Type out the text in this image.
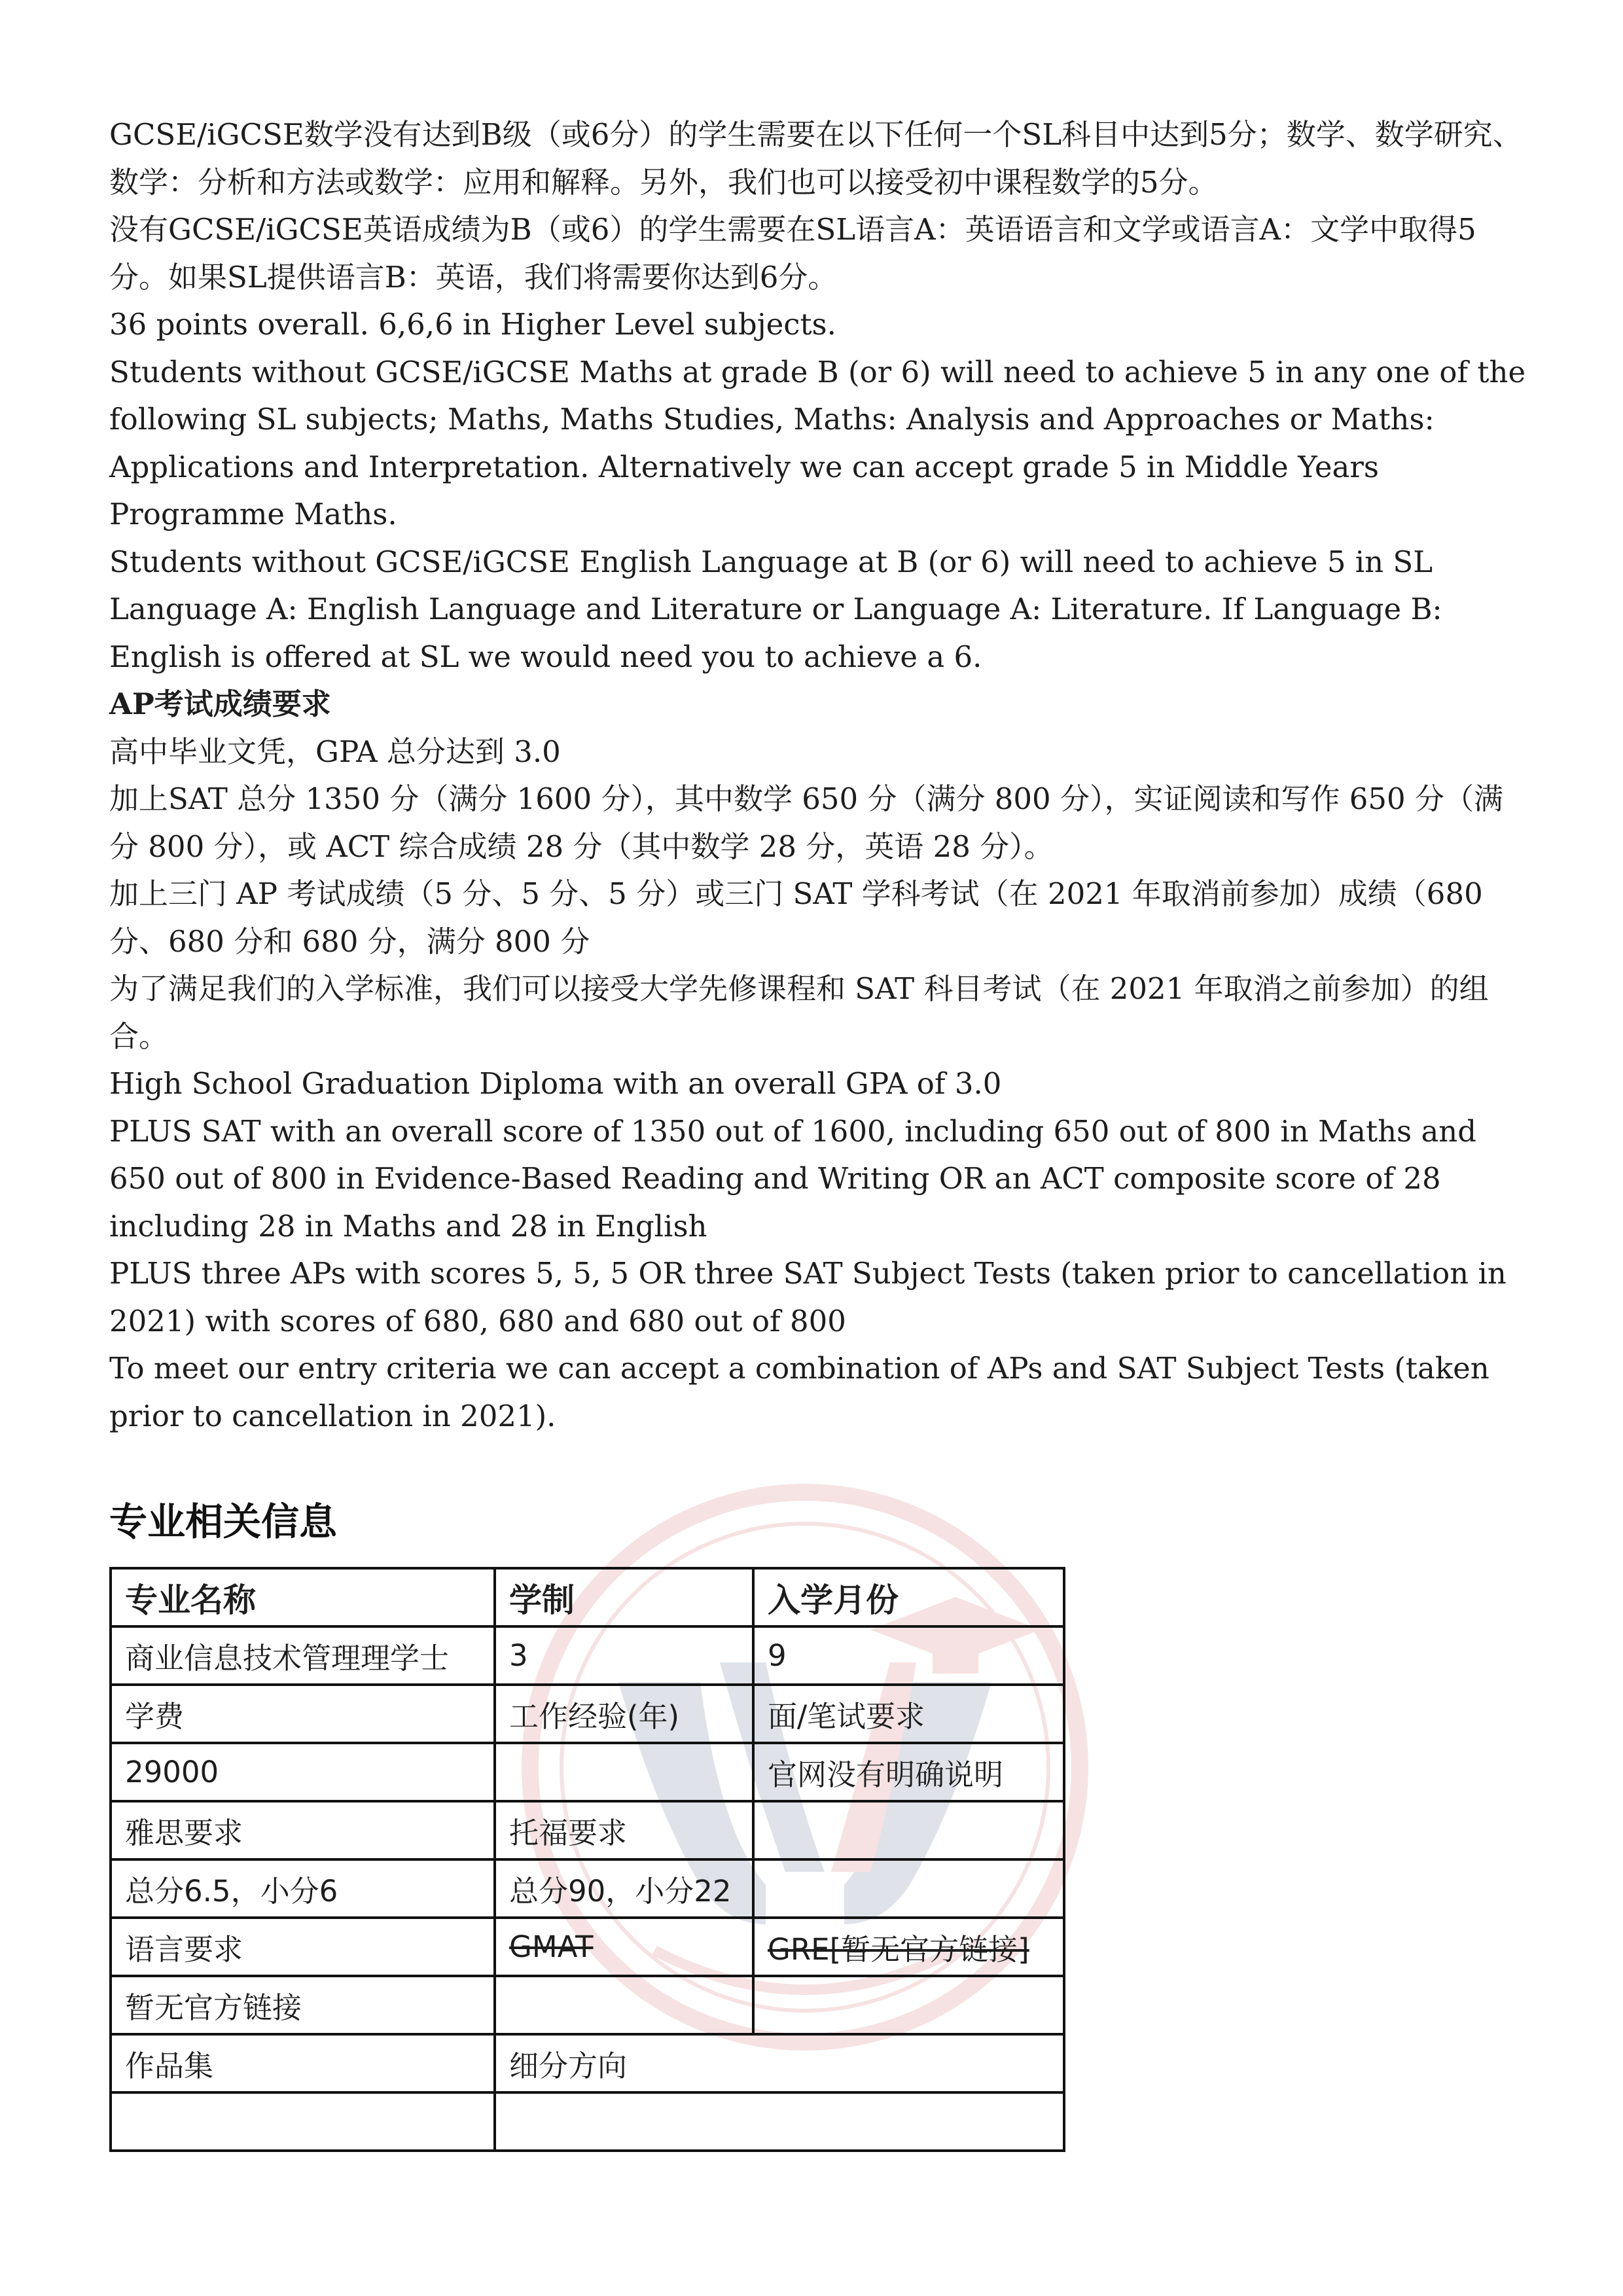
GCSE/iGCSE数学没有达到B级（或6分）的学生需要在以下任何一个SL科目中达到5分；数学、数学研究、数学：分析和方法或数学：应用和解释。另外，我们也可以接受初中课程数学的5分。

没有GCSE/iGCSE英语成绩为B（或6）的学生需要在SL语言A：英语语言和文学或语言A：文学中取得5分。如果SL提供语言B：英语，我们将需要你达到6分。

36 points overall. 6,6,6 in Higher Level subjects.

Students without GCSE/iGCSE Maths at grade B (or 6) will need to achieve 5 in any one of the following SL subjects; Maths, Maths Studies, Maths: Analysis and Approaches or Maths: Applications and Interpretation. Alternatively we can accept grade 5 in Middle Years Programme Maths.

Students without GCSE/iGCSE English Language at B (or 6) will need to achieve 5 in SL Language A: English Language and Literature or Language A: Literature. If Language B: English is offered at SL we would need you to achieve a 6.

AP考试成绩要求

高中毕业文凭，GPA 总分达到 3.0

加上SAT 总分 1350 分（满分 1600 分），其中数学 650 分（满分 800 分），实证阅读和写作 650 分（满分 800 分），或 ACT 综合成绩 28 分（其中数学 28 分，英语 28 分）。

加上三门 AP 考试成绩（5 分、5 分、5 分）或三门 SAT 学科考试（在 2021 年取消前参加）成绩（680 分、680 分和 680 分，满分 800 分

为了满足我们的入学标准，我们可以接受大学先修课程和 SAT 科目考试（在 2021 年取消之前参加）的组合。

High School Graduation Diploma with an overall GPA of 3.0

PLUS SAT with an overall score of 1350 out of 1600, including 650 out of 800 in Maths and 650 out of 800 in Evidence-Based Reading and Writing OR an ACT composite score of 28 including 28 in Maths and 28 in English

PLUS three APs with scores 5, 5, 5 OR three SAT Subject Tests (taken prior to cancellation in 2021) with scores of 680, 680 and 680 out of 800

To meet our entry criteria we can accept a combination of APs and SAT Subject Tests (taken prior to cancellation in 2021).

专业相关信息
专业名称	学制	入学月份
商业信息技术管理理学士	3	9
学费	工作经验(年)	面/笔试要求
29000		官网没有明确说明
雅思要求	托福要求	
总分6.5，小分6	总分90，小分22	
语言要求	GMAT	GRE[暂无官方链接]
暂无官方链接		
作品集	细分方向	
